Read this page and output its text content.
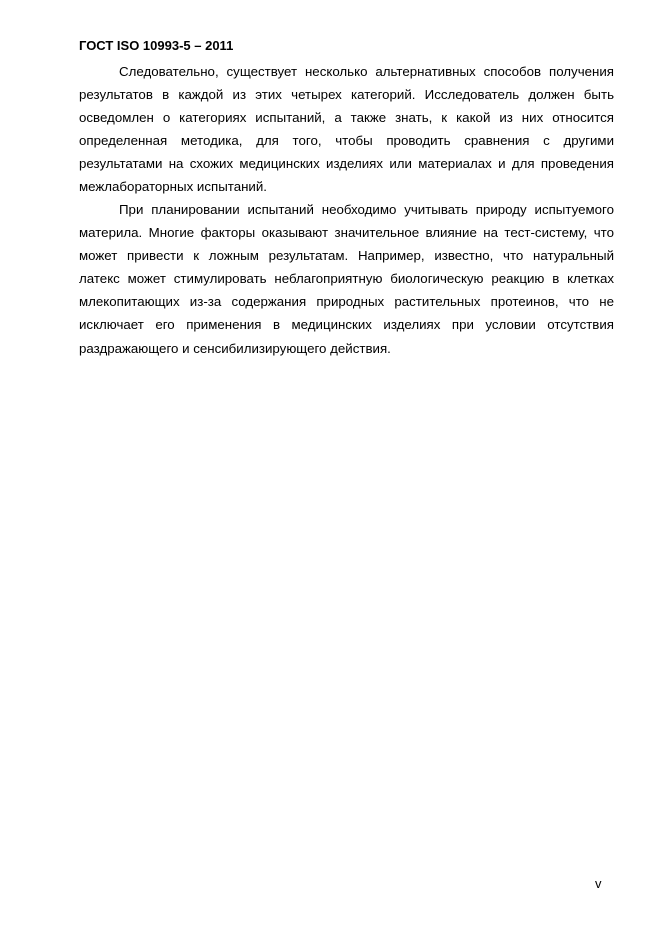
ГОСТ ISO 10993-5 – 2011
Следовательно, существует несколько альтернативных способов получения
результатов в каждой из этих четырех категорий. Исследователь должен быть
осведомлен о категориях испытаний, а также знать, к какой из них относится
определенная методика, для того, чтобы проводить сравнения с другими
результатами на схожих медицинских изделиях или материалах и для проведения
межлабораторных испытаний.
При планировании испытаний необходимо учитывать природу испытуемого
материла. Многие факторы оказывают значительное влияние на тест-систему, что
может привести к ложным результатам. Например, известно, что натуральный
латекс может стимулировать неблагоприятную биологическую реакцию в клетках
млекопитающих из-за содержания природных растительных протеинов, что не
исключает его применения в медицинских изделиях при условии отсутствия
раздражающего и сенсибилизирующего действия.
v
